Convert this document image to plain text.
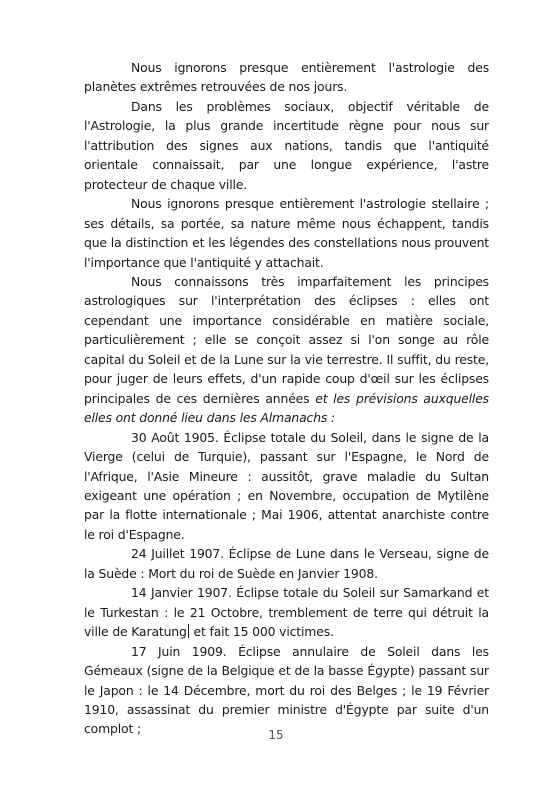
Nous ignorons presque entièrement l'astrologie des planètes extrêmes retrouvées de nos jours.

Dans les problèmes sociaux, objectif véritable de l'Astrologie, la plus grande incertitude règne pour nous sur l'attribution des signes aux nations, tandis que l'antiquité orientale connaissait, par une longue expérience, l'astre protecteur de chaque ville.

Nous ignorons presque entièrement l'astrologie stellaire ; ses détails, sa portée, sa nature même nous échappent, tandis que la distinction et les légendes des constellations nous prouvent l'importance que l'antiquité y attachait.

Nous connaissons très imparfaitement les principes astrologiques sur l'interprétation des éclipses : elles ont cependant une importance considérable en matière sociale, particulièrement ; elle se conçoit assez si l'on songe au rôle capital du Soleil et de la Lune sur la vie terrestre. Il suffit, du reste, pour juger de leurs effets, d'un rapide coup d'œil sur les éclipses principales de ces dernières années et les prévisions auxquelles elles ont donné lieu dans les Almanachs :

30 Août 1905. Éclipse totale du Soleil, dans le signe de la Vierge (celui de Turquie), passant sur l'Espagne, le Nord de l'Afrique, l'Asie Mineure : aussitôt, grave maladie du Sultan exigeant une opération ; en Novembre, occupation de Mytilène par la flotte internationale ; Mai 1906, attentat anarchiste contre le roi d'Espagne.

24 Juillet 1907. Éclipse de Lune dans le Verseau, signe de la Suède : Mort du roi de Suède en Janvier 1908.

14 Janvier 1907. Éclipse totale du Soleil sur Samarkand et le Turkestan : le 21 Octobre, tremblement de terre qui détruit la ville de Karatung et fait 15 000 victimes.

17 Juin 1909. Éclipse annulaire de Soleil dans les Gémeaux (signe de la Belgique et de la basse Égypte) passant sur le Japon : le 14 Décembre, mort du roi des Belges ; le 19 Février 1910, assassinat du premier ministre d'Égypte par suite d'un complot ;	15
